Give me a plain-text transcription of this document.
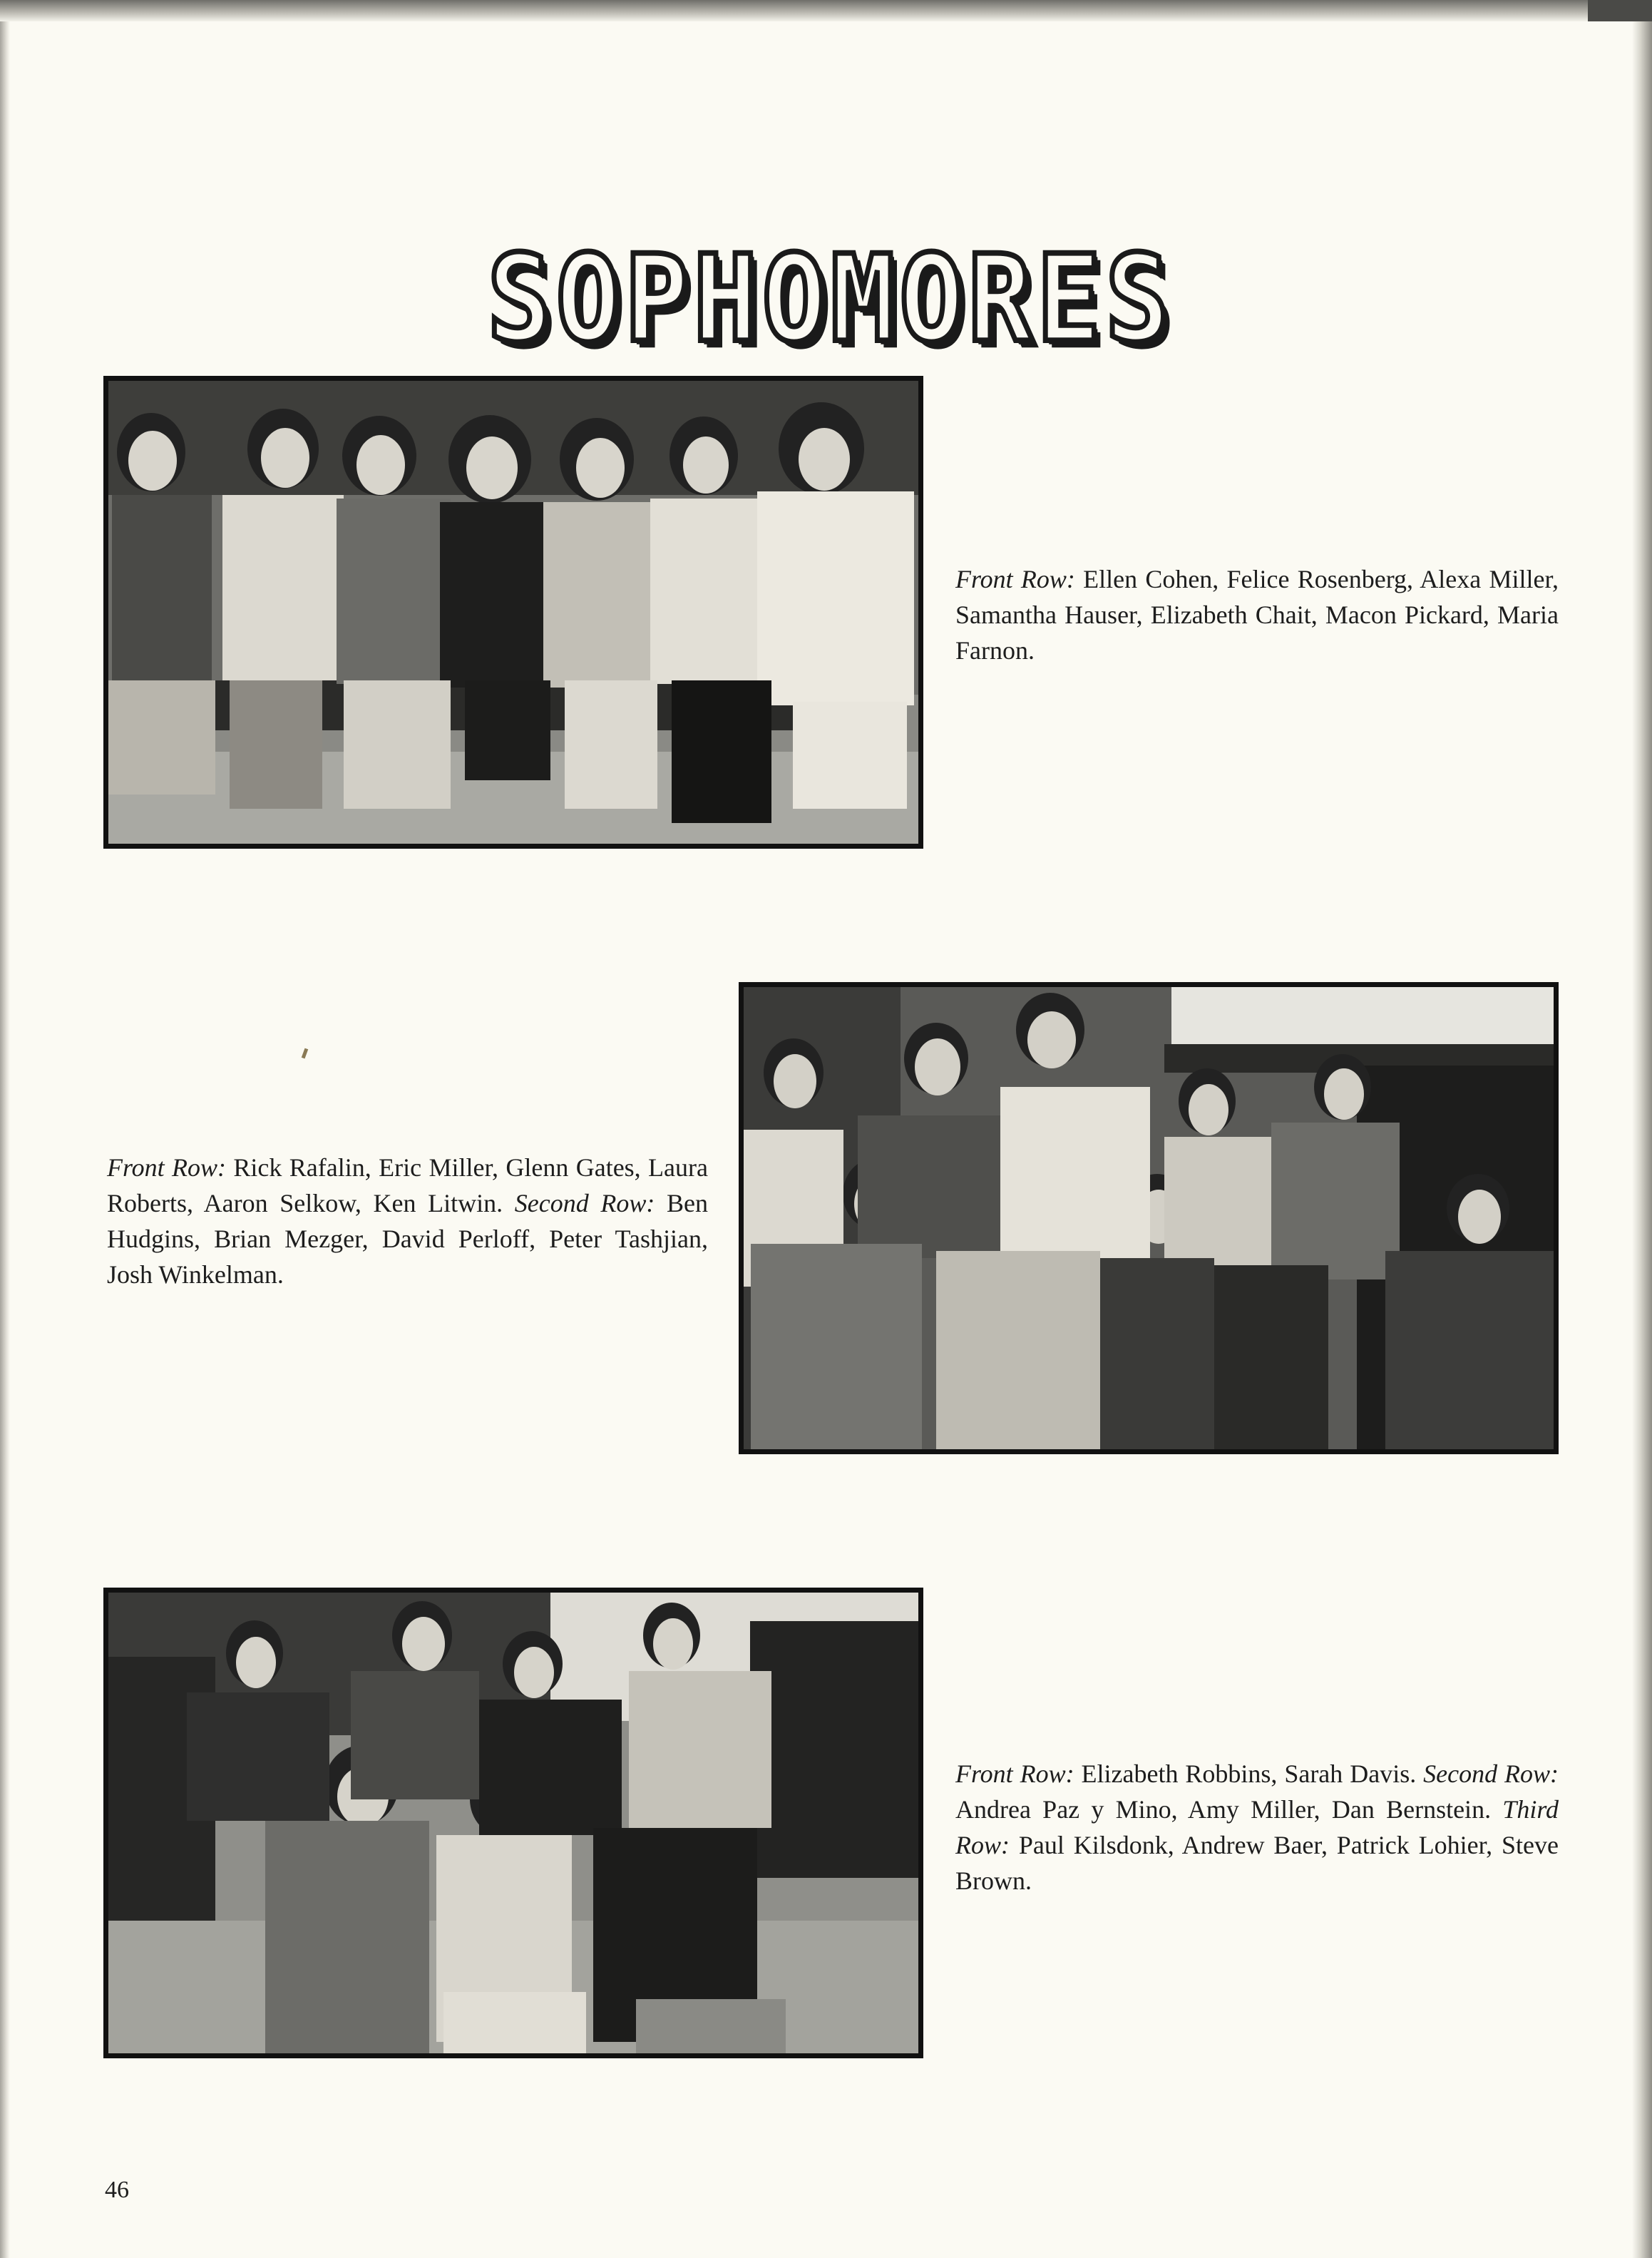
SOPHOMORES
Front Row: Ellen Cohen, Felice Rosenberg, Alexa Miller, Samantha Hauser, Elizabeth Chait, Macon Pickard, Maria Farnon.
Front Row: Rick Rafalin, Eric Miller, Glenn Gates, Laura Roberts, Aaron Selkow, Ken Litwin. Second Row: Ben Hudgins, Brian Mezger, David Perloff, Peter Tashjian, Josh Winkelman.
Front Row: Elizabeth Robbins, Sarah Davis. Second Row: Andrea Paz y Mino, Amy Miller, Dan Bernstein. Third Row: Paul Kilsdonk, Andrew Baer, Patrick Lohier, Steve Brown.
46
